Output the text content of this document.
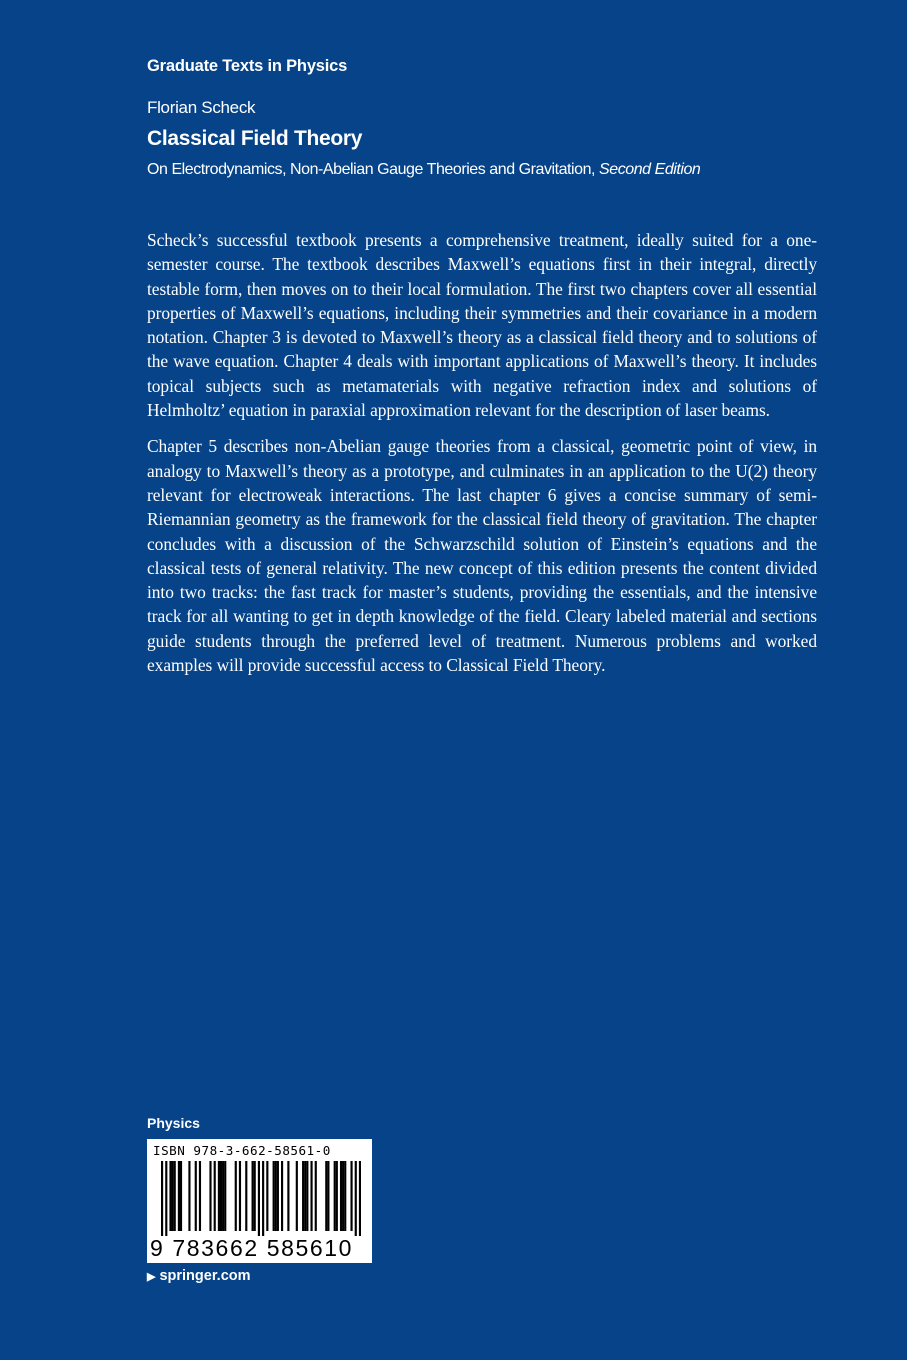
Graduate Texts in Physics
Florian Scheck
Classical Field Theory
On Electrodynamics, Non-Abelian Gauge Theories and Gravitation, Second Edition

Scheck’s successful textbook presents a comprehensive treatment, ideally suited for a one-semester course. The textbook describes Maxwell’s equations first in their integral, directly testable form, then moves on to their local formulation. The first two chapters cover all essential properties of Maxwell’s equations, including their symmetries and their covariance in a modern notation. Chapter 3 is devoted to Maxwell’s theory as a classical field theory and to solutions of the wave equation. Chapter 4 deals with important applications of Maxwell’s theory. It includes topical subjects such as metamaterials with negative refraction index and solutions of Helmholtz’ equation in paraxial approximation relevant for the description of laser beams.

Chapter 5 describes non-Abelian gauge theories from a classical, geometric point of view, in analogy to Maxwell’s theory as a prototype, and culminates in an application to the U(2) theory relevant for electroweak interactions. The last chapter 6 gives a concise summary of semi-Riemannian geometry as the framework for the classical field theory of gravitation. The chapter concludes with a discussion of the Schwarzschild solution of Einstein’s equations and the classical tests of general relativity. The new concept of this edition presents the content divided into two tracks: the fast track for master’s students, providing the essentials, and the intensive track for all wanting to get in depth knowledge of the field. Cleary labeled material and sections guide students through the preferred level of treatment. Numerous problems and worked examples will provide successful access to Classical Field Theory.

Physics
ISBN 978-3-662-58561-0
9 783662 585610
▶ springer.com
